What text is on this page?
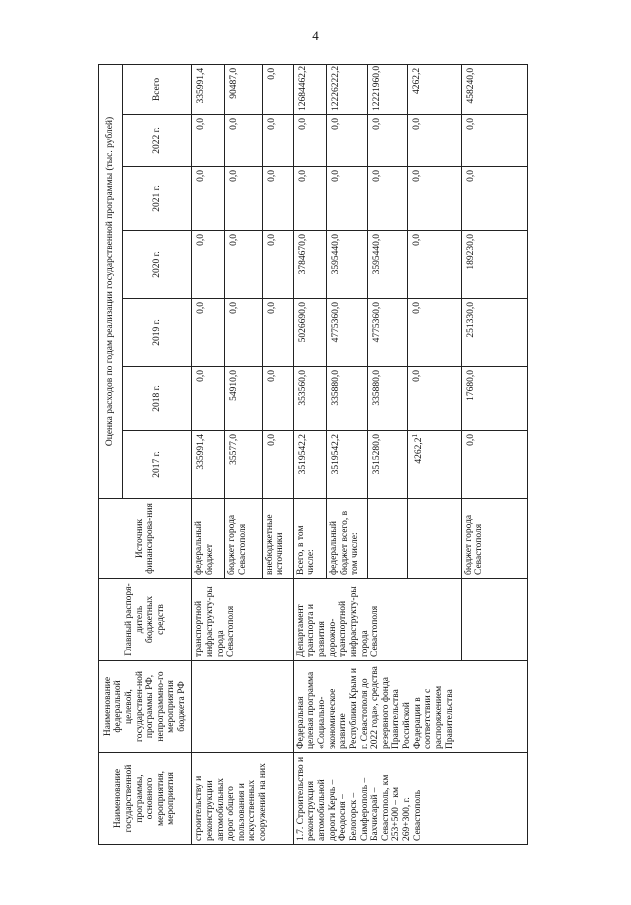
4
Наименование государственной программы, основного мероприятия, мероприятия	Наименование федеральной целевой, государствен-ной программы РФ, непрограммно-го мероприятия бюджета РФ	Главный распоря-дитель бюджетных средств	Источник финансирова-ния	Оценка расходов по годам реализации государственной программы (тыс. рублей)						
				2017 г.	2018 г.	2019 г.	2020 г.	2021 г.	2022 г.	Всего
строительству и реконструкции автомобильных дорог общего пользования и искусственных сооружений на них		транспортной инфраструкту-ры города Севастополя	федеральный бюджет	335991,4	0,0	0,0	0,0	0,0	0,0	335991,4
			бюджет города Севастополя	35577,0	54910,0	0,0	0,0	0,0	0,0	90487,0
			внебюджетные источники	0,0	0,0	0,0	0,0	0,0	0,0	0,0
1.7. Строительство и реконструкция автомобильной дороги Керчь – Феодосия – Белогорск – Симферополь – Бахчисарай – Севастополь, км 253+500 – км 269+300, г. Севастополь	Федеральная целевая программа «Социально-экономическое развитие Республики Крым и г. Севастополя до 2022 года», средства резервного фонда Правительства Российской Федерации в соответствии с распоряжением Правительства	Департамент транспорта и развития дорожно-транспортной инфраструкту-ры города Севастополя	Всего, в том числе:	3519542,2	353560,0	5026690,0	3784670,0	0,0	0,0	12684462,2
			федеральный бюджет всего, в том числе:	3519542,2	335880,0	4775360,0	3595440,0	0,0	0,0	12226222,2
				3515280,0	335880,0	4775360,0	3595440,0	0,0	0,0	12221960,0
				4262,2$^1$	0,0	0,0	0,0	0,0	0,0	4262,2
			бюджет города Севастополя	0,0	17680,0	251330,0	189230,0	0,0	0,0	458240,0
